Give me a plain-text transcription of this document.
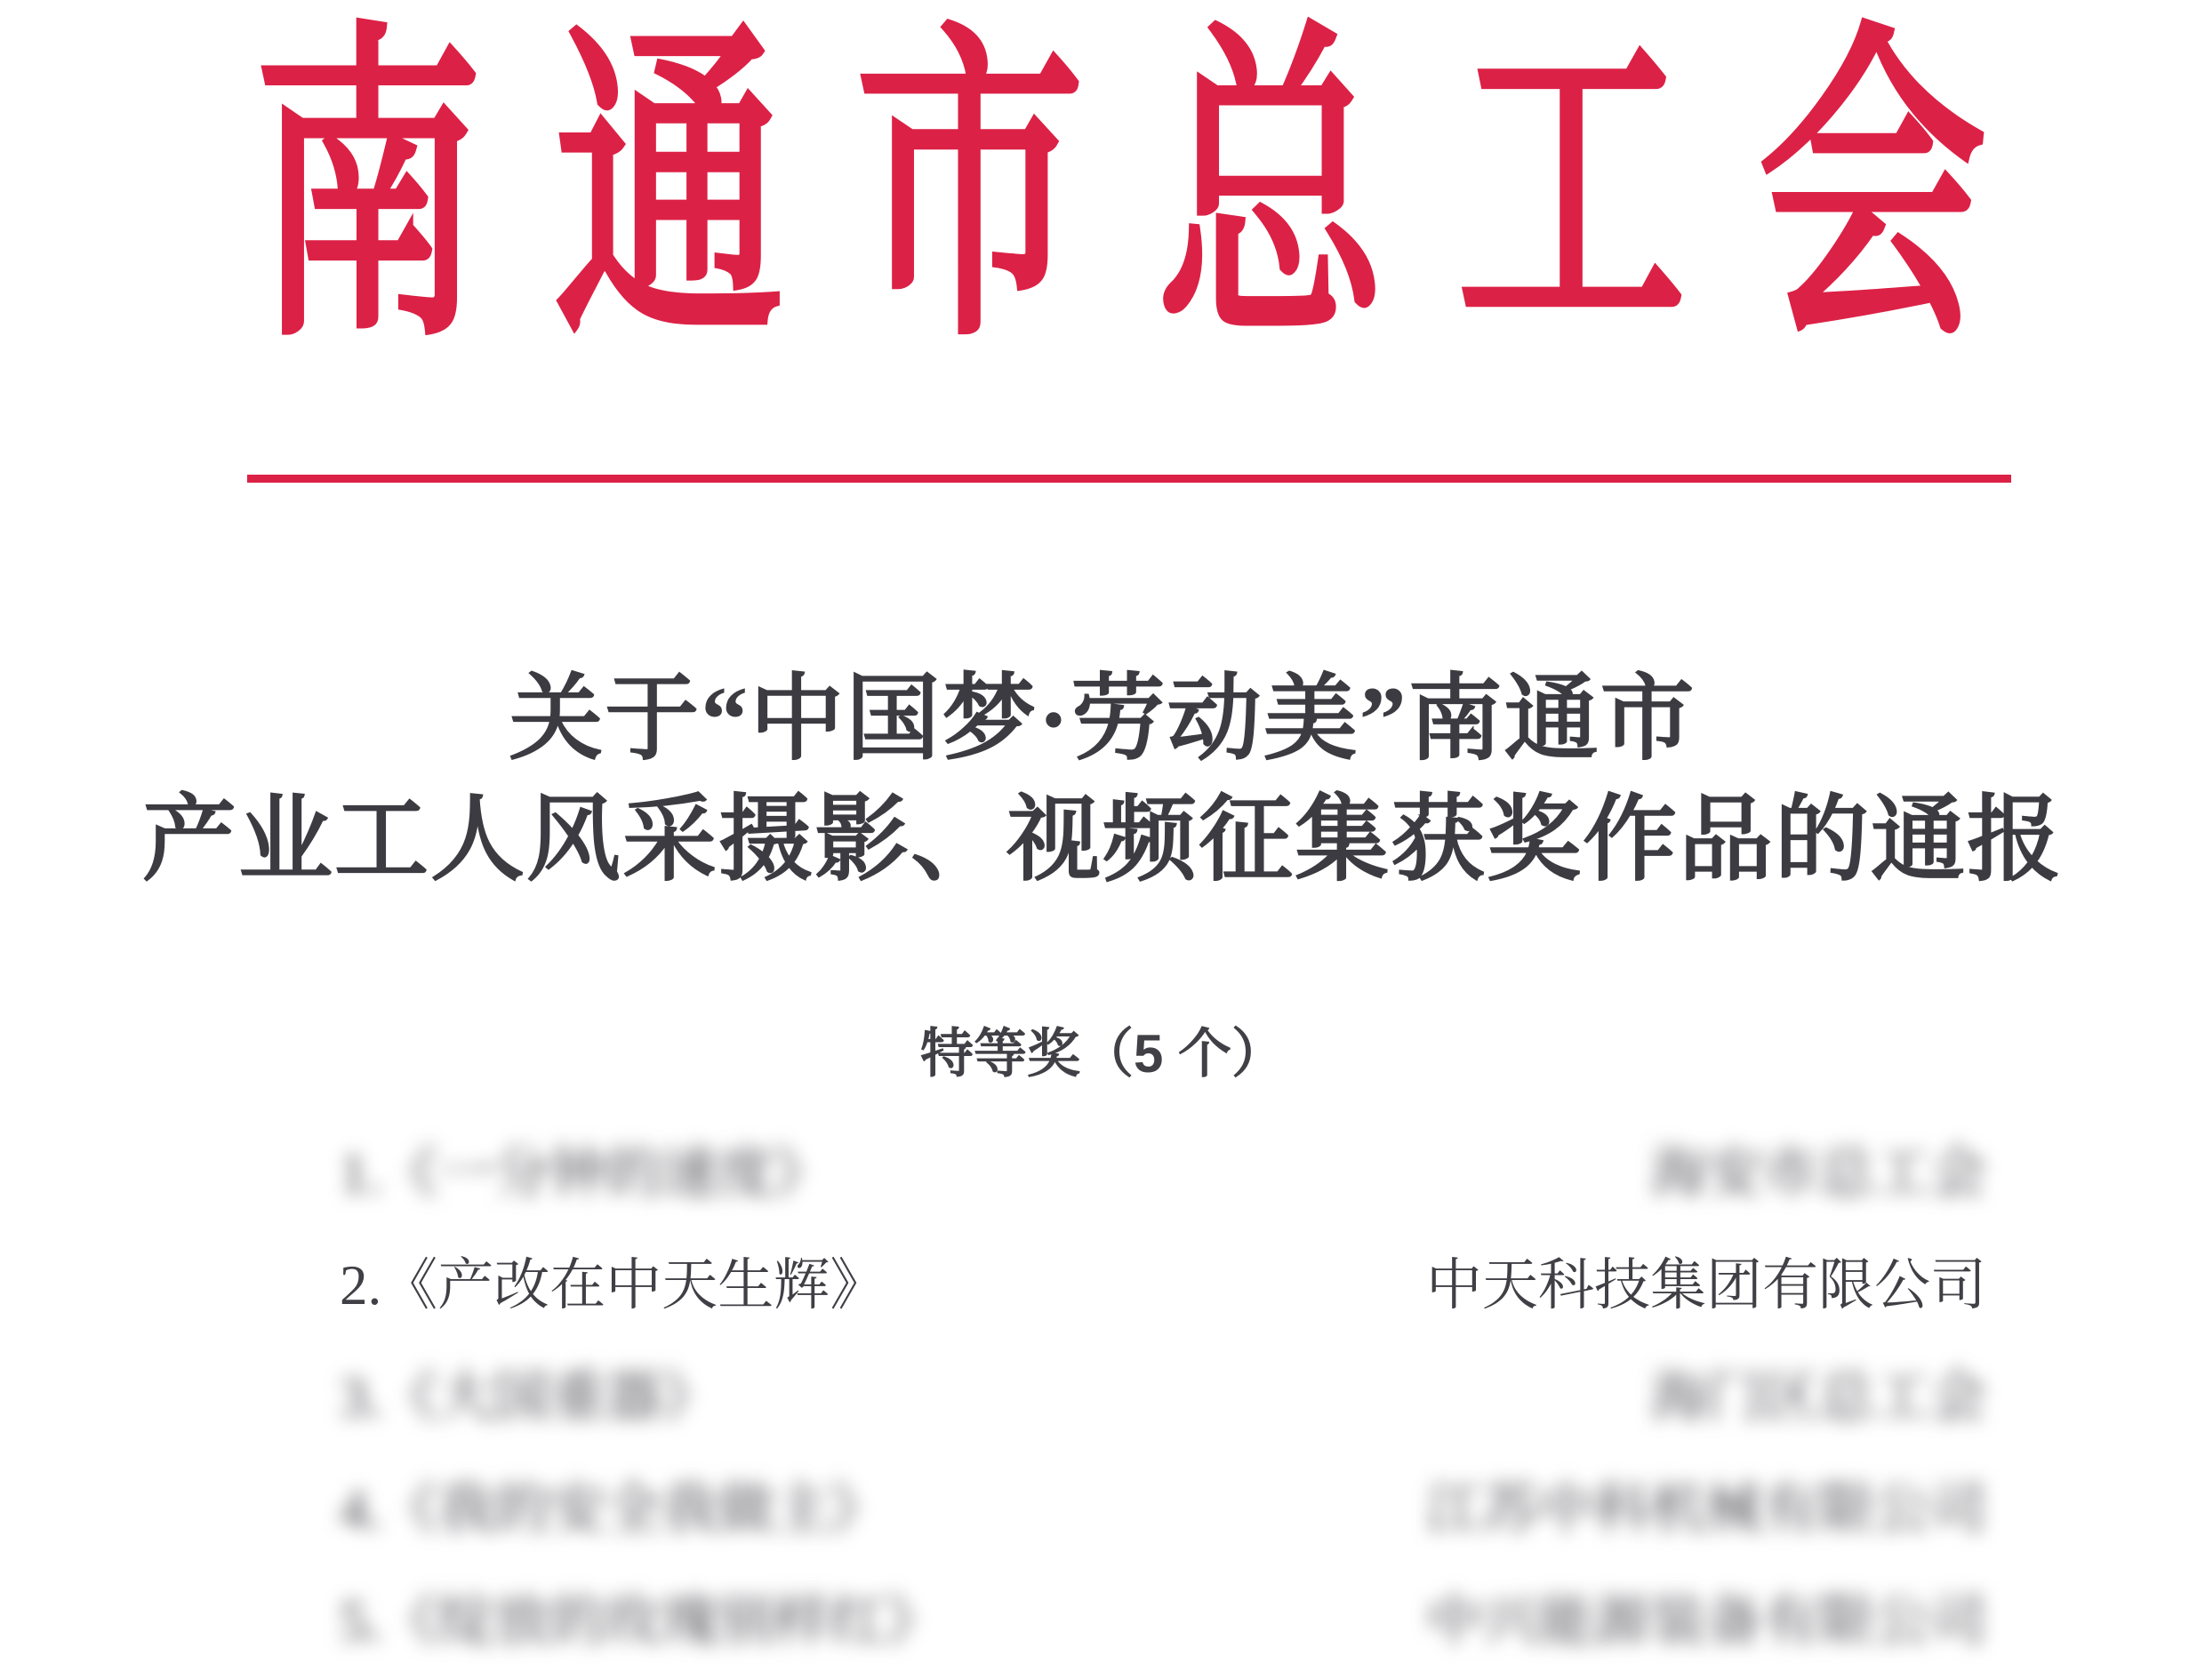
南 通 市 总 工 会
关于“中国梦·劳动美”南通市
产业工人风采摄影、视频征集获奖作品的通报
特等奖（5 个）
1.《一分钟的速度》	海安市总工会
2.《产改在中天生辉》	中天科技集团有限公司
3.《大国重器》	海门区总工会
4.《我的安全我做主》	江苏中科机械有限公司
5.《绽放的玫瑰别样红》	中兴能源装备有限公司
